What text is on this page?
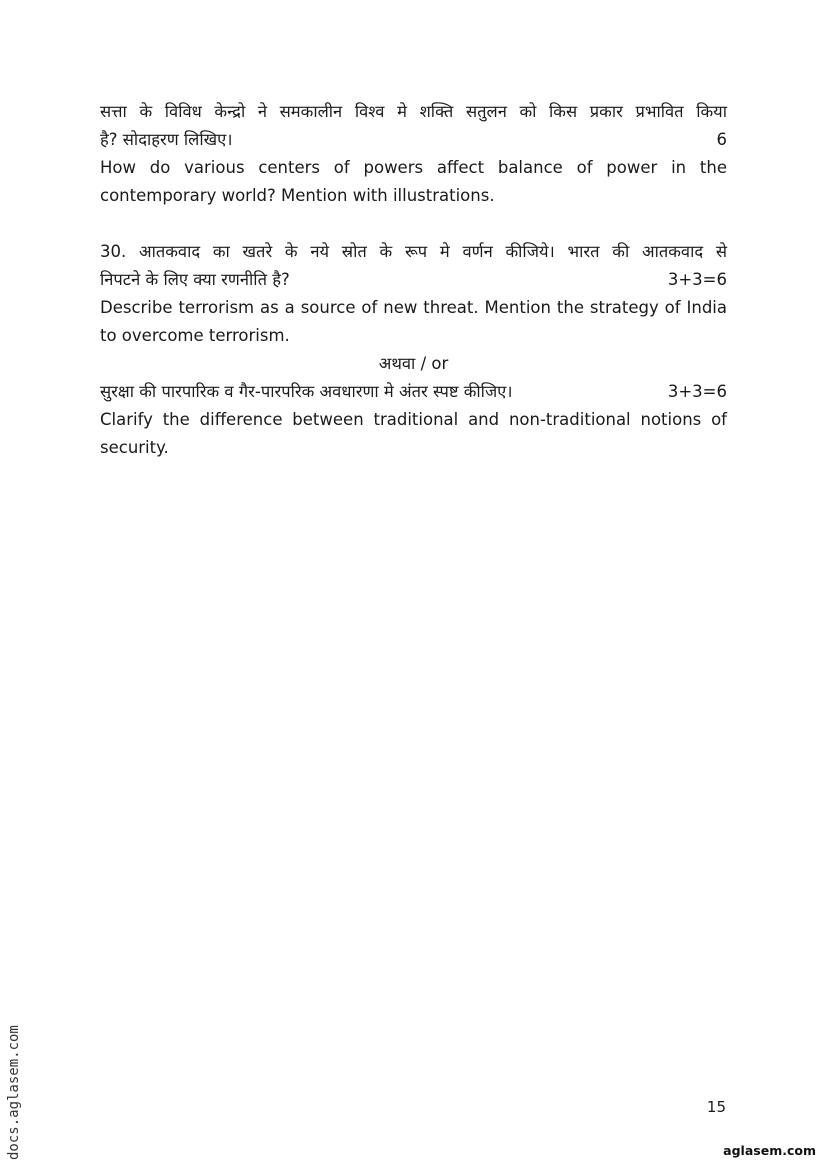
सत्ता के विविध केन्द्रो ने समकालीन विश्व मे शक्ति सतुलन को किस प्रकार प्रभावित किया
है? सोदाहरण लिखिए।	6
How do various centers of powers affect balance of power in the
contemporary world? Mention with illustrations.
30. आतकवाद का खतरे के नये स्रोत के रूप मे वर्णन कीजिये। भारत की आतकवाद से
निपटने के लिए क्या रणनीति है?	3+3=6
Describe terrorism as a source of new threat. Mention the strategy of India
to overcome terrorism.
अथवा / or
सुरक्षा की पारपारिक व गैर-पारपरिक अवधारणा मे अंतर स्पष्ट कीजिए।	3+3=6
Clarify the difference between traditional and non-traditional notions of
security.
15
docs.aglasem.com	aglasem.com
